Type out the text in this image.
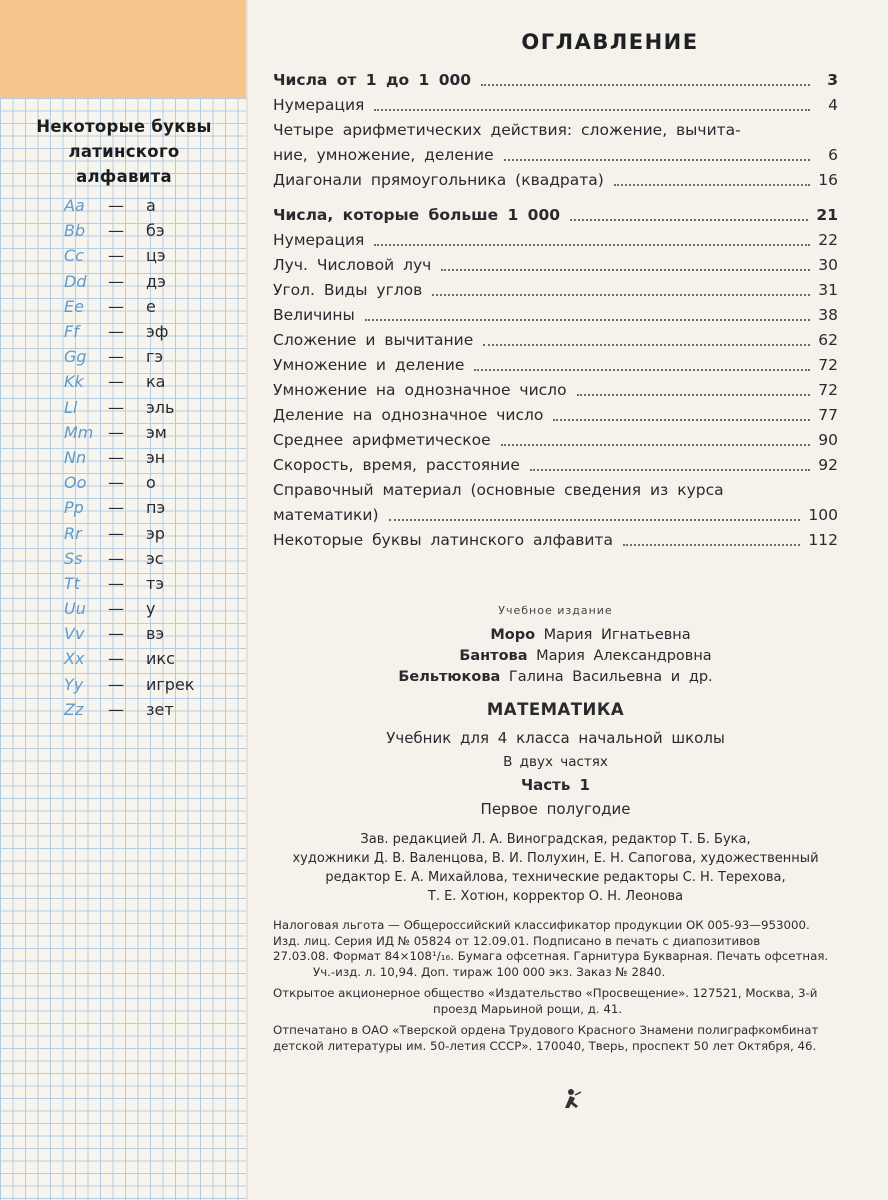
Некоторые буквы
латинского
алфавита
Aa	—	а
Bb	—	бэ
Cc	—	цэ
Dd	—	дэ
Ee	—	е
Ff	—	эф
Gg	—	гэ
Kk	—	ка
Ll	—	эль
Mm —	эм
Nn	—	эн
Oo	—	о
Pp	—	пэ
Rr	—	эр
Ss	—	эс
Tt	—	тэ
Uu	—	у
Vv	—	вэ
Xx	—	икс
Yy	—	игрек
Zz	—	зет
ОГЛАВЛЕНИЕ
Числа от 1 до 1 000	3
Нумерация	4
Четыре арифметических действия: сложение, вычита-
ние, умножение, деление	6
Диагонали прямоугольника (квадрата)	16
Числа, которые больше 1 000	21
Нумерация	22
Луч. Числовой луч	30
Угол. Виды углов	31
Величины	38
Сложение и вычитание	62
Умножение и деление	72
Умножение на однозначное число	72
Деление на однозначное число	77
Среднее арифметическое	90
Скорость, время, расстояние	92
Справочный материал (основные сведения из курса
математики)	100
Некоторые буквы латинского алфавита	112
Учебное издание
Моро Мария Игнатьевна
Бантова Мария Александровна
Бельтюкова Галина Васильевна и др.
МАТЕМАТИКА
Учебник для 4 класса начальной школы
В двух частях
Часть 1
Первое полугодие
Зав. редакцией Л. А. Виноградская, редактор Т. Б. Бука,
художники Д. В. Валенцова, В. И. Полухин, Е. Н. Сапогова, художественный
редактор Е. А. Михайлова, технические редакторы С. Н. Терехова,
Т. Е. Хотюн, корректор О. Н. Леонова
Налоговая льгота — Общероссийский классификатор продукции ОК 005-93—953000.
Изд. лиц. Серия ИД № 05824 от 12.09.01. Подписано в печать с диапозитивов
27.03.08. Формат 84×108¹/₁₆. Бумага офсетная. Гарнитура Букварная. Печать офсетная.
Уч.-изд. л. 10,94. Доп. тираж 100 000 экз. Заказ № 2840.
Открытое акционерное общество «Издательство «Просвещение». 127521, Москва, 3-й
проезд Марьиной рощи, д. 41.
Отпечатано в ОАО «Тверской ордена Трудового Красного Знамени полиграфкомбинат
детской литературы им. 50-летия СССР». 170040, Тверь, проспект 50 лет Октября, 46.
